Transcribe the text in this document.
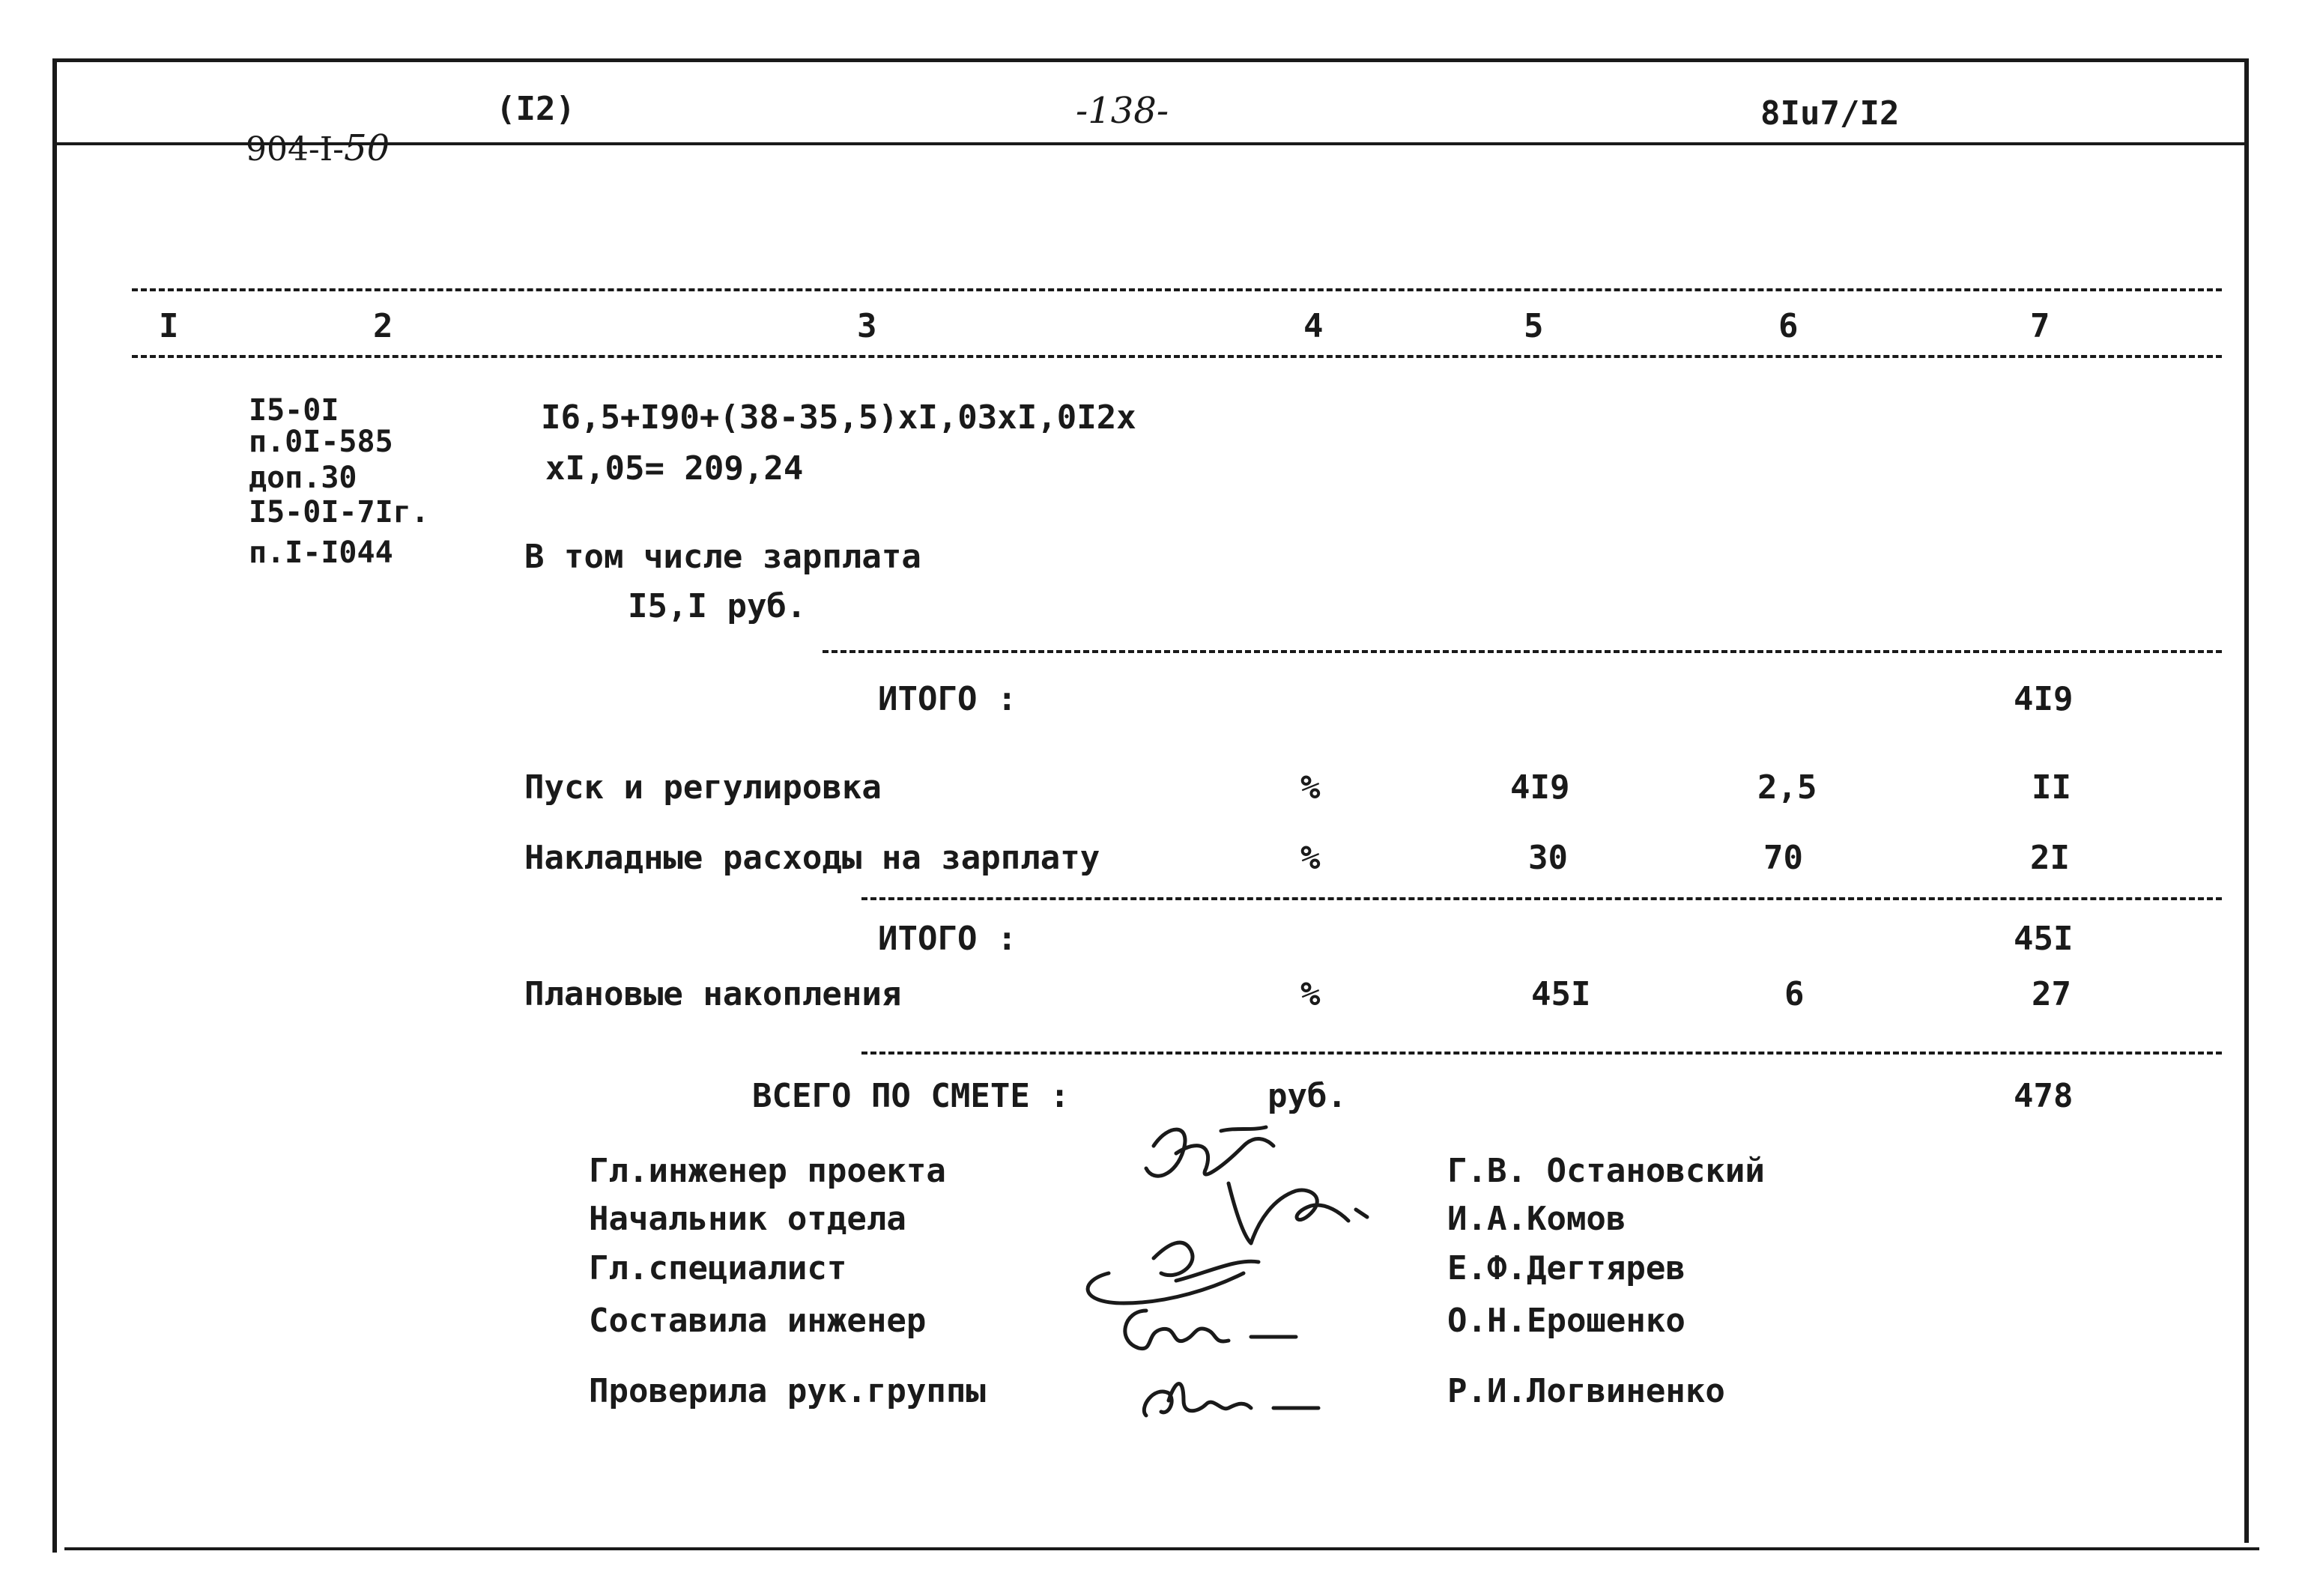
904-I-50

(I2)	-138-	8Iu7/I2
I	2	3	4	5	6	7
I5-0I
п.0I-585
доп.30
I5-0I-7Iг.
п.I-I044
I6,5+I90+(38-35,5)xI,03xI,0I2x
xI,05= 209,24
В том числе зарплата
I5,I руб.
ИТОГО :	4I9
Пуск и регулировка	%	4I9	2,5	II
Накладные расходы на зарплату	%	30	70	2I
ИТОГО :	45I
Плановые накопления	%	45I	6	27
ВСЕГО ПО СМЕТЕ :	руб.	478
Гл.инженер проекта	Г.В. Остановский
Начальник отдела	И.А.Комов
Гл.специалист	Е.Ф.Дегтярев
Составила инженер	О.Н.Ерошенко
Проверила рук.группы	Р.И.Логвиненко
